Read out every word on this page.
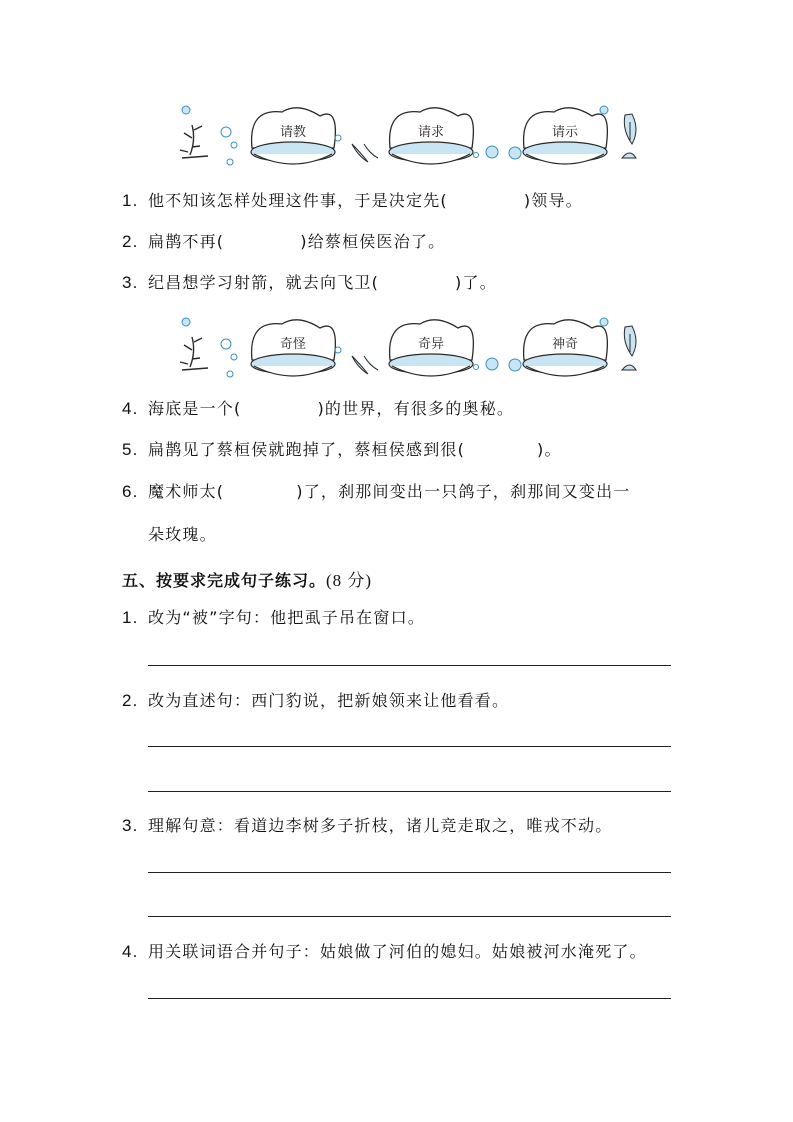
请教	请求	请示
1. 他不知该怎样处理这件事，于是决定先(	)领导。
2. 扁鹊不再(	)给蔡桓侯医治了。
3. 纪昌想学习射箭，就去向飞卫(	)了。
奇怪	奇异	神奇
4. 海底是一个(	)的世界，有很多的奥秘。
5. 扁鹊见了蔡桓侯就跑掉了，蔡桓侯感到很(	)。
6. 魔术师太(	)了，刹那间变出一只鸽子，刹那间又变出一
朵玫瑰。
五、按要求完成句子练习。(8 分)
1. 改为“被”字句：他把虱子吊在窗口。
2. 改为直述句：西门豹说，把新娘领来让他看看。
3. 理解句意：看道边李树多子折枝，诸儿竞走取之，唯戎不动。
4. 用关联词语合并句子：姑娘做了河伯的媳妇。姑娘被河水淹死了。
